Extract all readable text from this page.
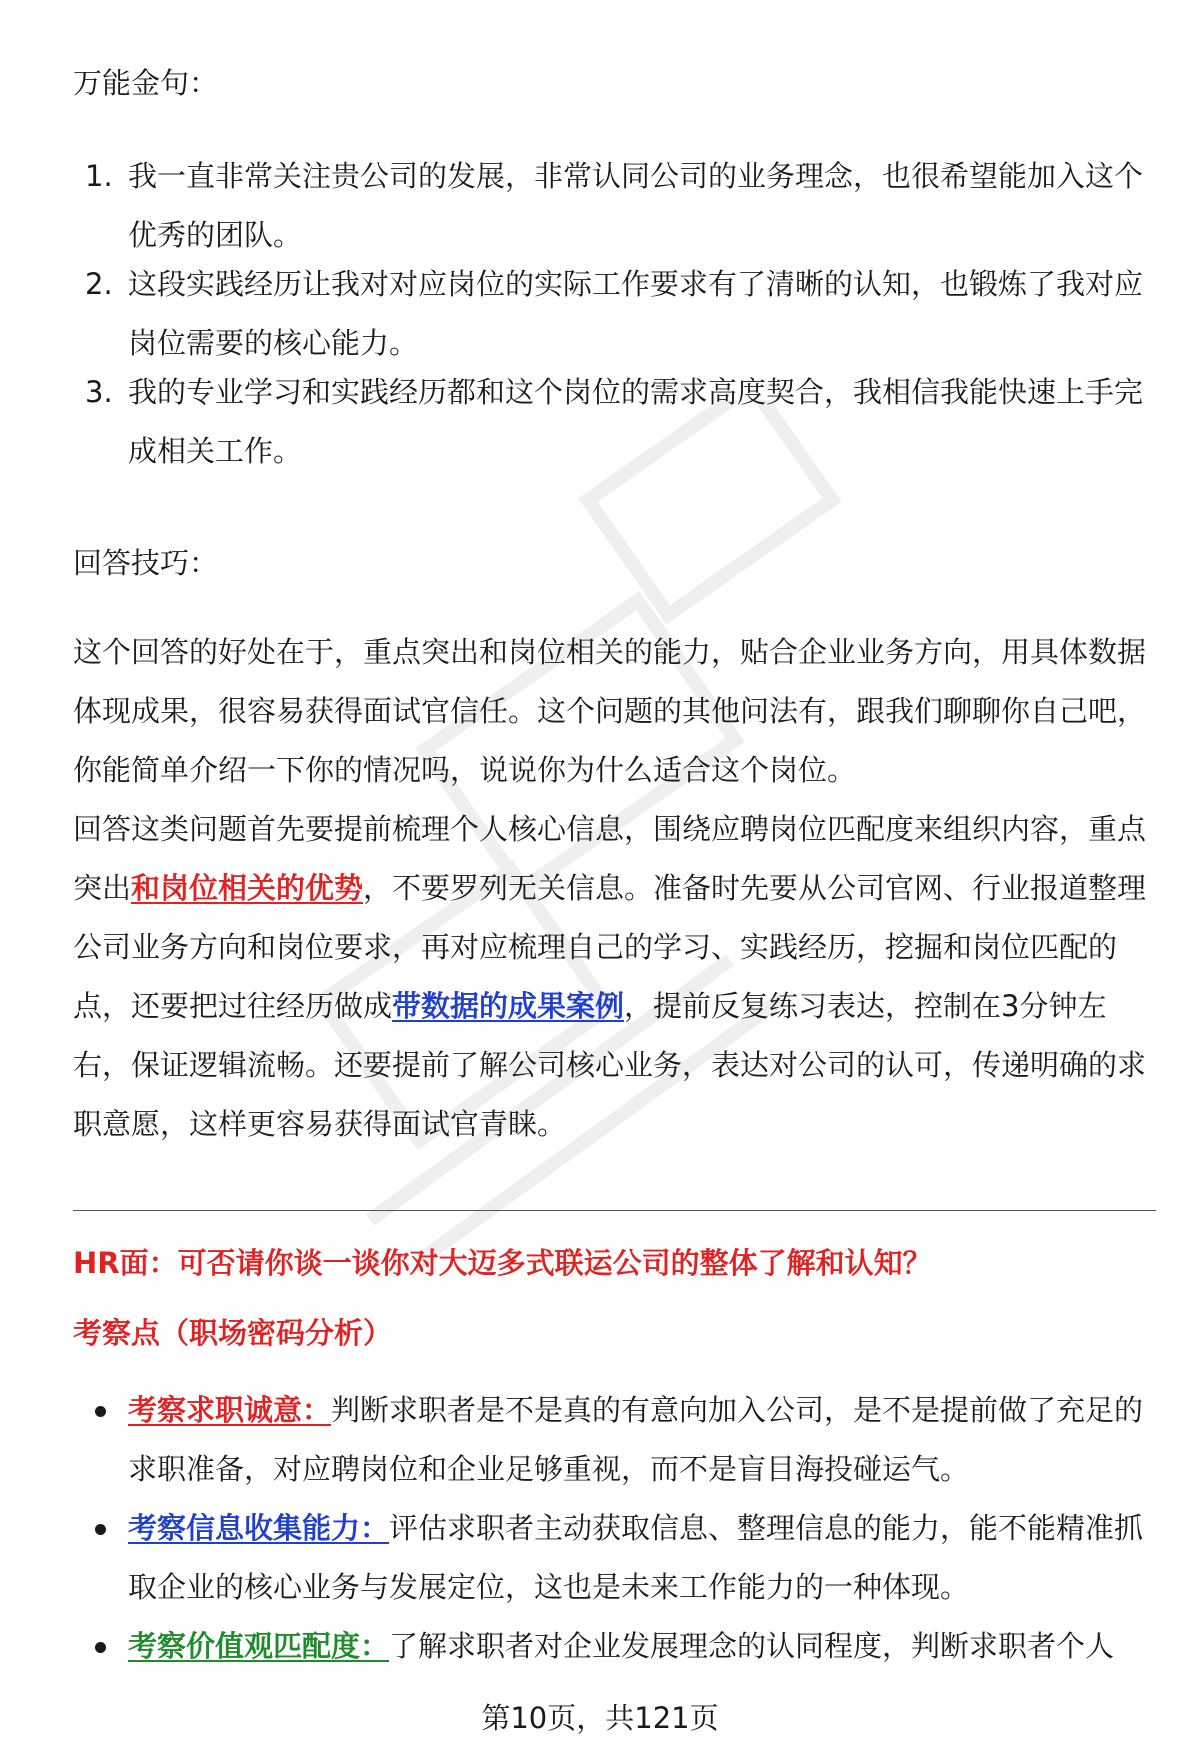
万能金句：

1. 我一直非常关注贵公司的发展，非常认同公司的业务理念，也很希望能加入这个优秀的团队。
2. 这段实践经历让我对对应岗位的实际工作要求有了清晰的认知，也锻炼了我对应岗位需要的核心能力。
3. 我的专业学习和实践经历都和这个岗位的需求高度契合，我相信我能快速上手完成相关工作。

回答技巧：

这个回答的好处在于，重点突出和岗位相关的能力，贴合企业业务方向，用具体数据体现成果，很容易获得面试官信任。这个问题的其他问法有，跟我们聊聊你自己吧，你能简单介绍一下你的情况吗，说说你为什么适合这个岗位。

回答这类问题首先要提前梳理个人核心信息，围绕应聘岗位匹配度来组织内容，重点突出和岗位相关的优势，不要罗列无关信息。准备时先要从公司官网、行业报道整理公司业务方向和岗位要求，再对应梳理自己的学习、实践经历，挖掘和岗位匹配的点，还要把过往经历做成带数据的成果案例，提前反复练习表达，控制在3分钟左右，保证逻辑流畅。还要提前了解公司核心业务，表达对公司的认可，传递明确的求职意愿，这样更容易获得面试官青睐。

HR面：可否请你谈一谈你对大迈多式联运公司的整体了解和认知？
考察点（职场密码分析）
考察求职诚意：判断求职者是不是真的有意向加入公司，是不是提前做了充足的求职准备，对应聘岗位和企业足够重视，而不是盲目海投碰运气。
考察信息收集能力：评估求职者主动获取信息、整理信息的能力，能不能精准抓取企业的核心业务与发展定位，这也是未来工作能力的一种体现。
考察价值观匹配度：了解求职者对企业发展理念的认同程度，判断求职者个人
第10页，共121页
